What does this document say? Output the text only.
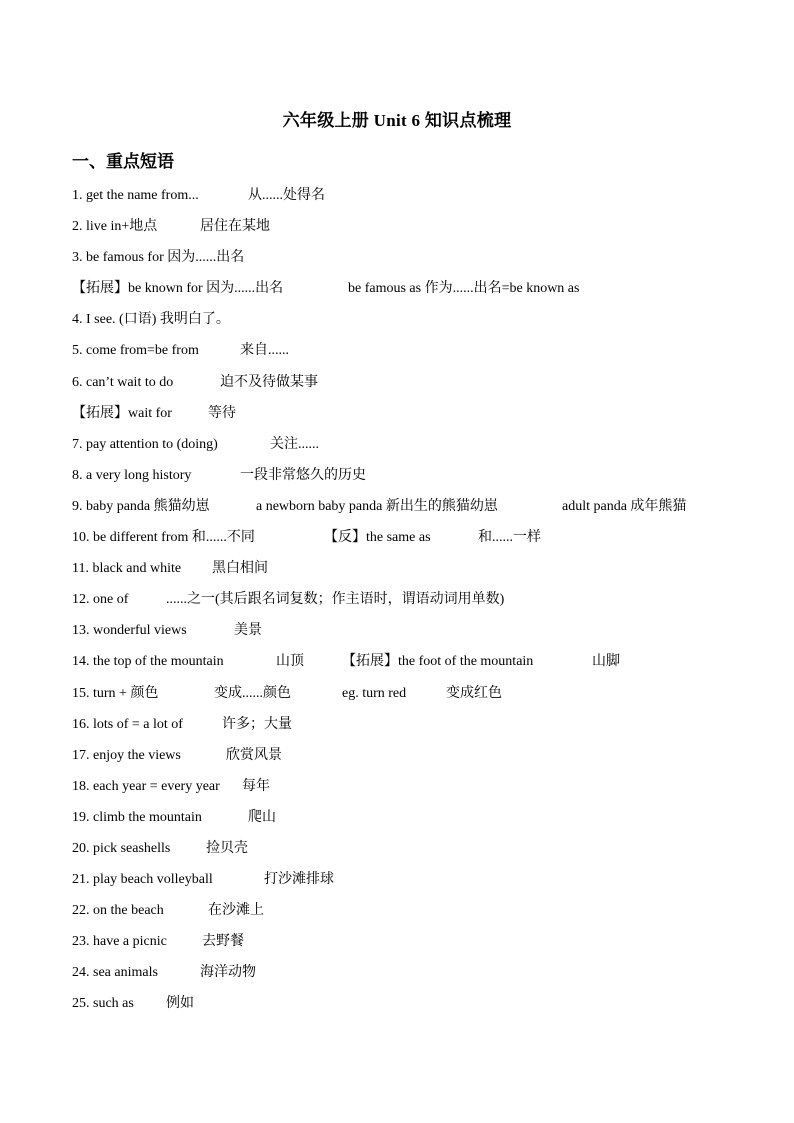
六年级上册 Unit 6 知识点梳理
一、重点短语
1. get the name from...	从......处得名
2. live in+地点	居住在某地
3. be famous for 因为......出名
【拓展】be known for 因为......出名	be famous as 作为......出名=be known as
4. I see. (口语) 我明白了。
5. come from=be from	来自......
6. can’t wait to do	迫不及待做某事
【拓展】wait for	等待
7. pay attention to (doing)	关注......
8. a very long history	一段非常悠久的历史
9. baby panda 熊猫幼崽	a newborn baby panda 新出生的熊猫幼崽	adult panda 成年熊猫
10. be different from 和......不同	【反】the same as	和......一样
11. black and white 黑白相间
12. one of	......之一(其后跟名词复数；作主语时，谓语动词用单数)
13. wonderful views	美景
14. the top of the mountain	山顶	【拓展】the foot of the mountain	山脚
15. turn + 颜色	变成......颜色	eg. turn red	变成红色
16. lots of = a lot of	许多；大量
17. enjoy the views	欣赏风景
18. each year = every year 每年
19. climb the mountain	爬山
20. pick seashells	捡贝壳
21. play beach volleyball	打沙滩排球
22. on the beach	在沙滩上
23. have a picnic	去野餐
24. sea animals	海洋动物
25. such as 例如
